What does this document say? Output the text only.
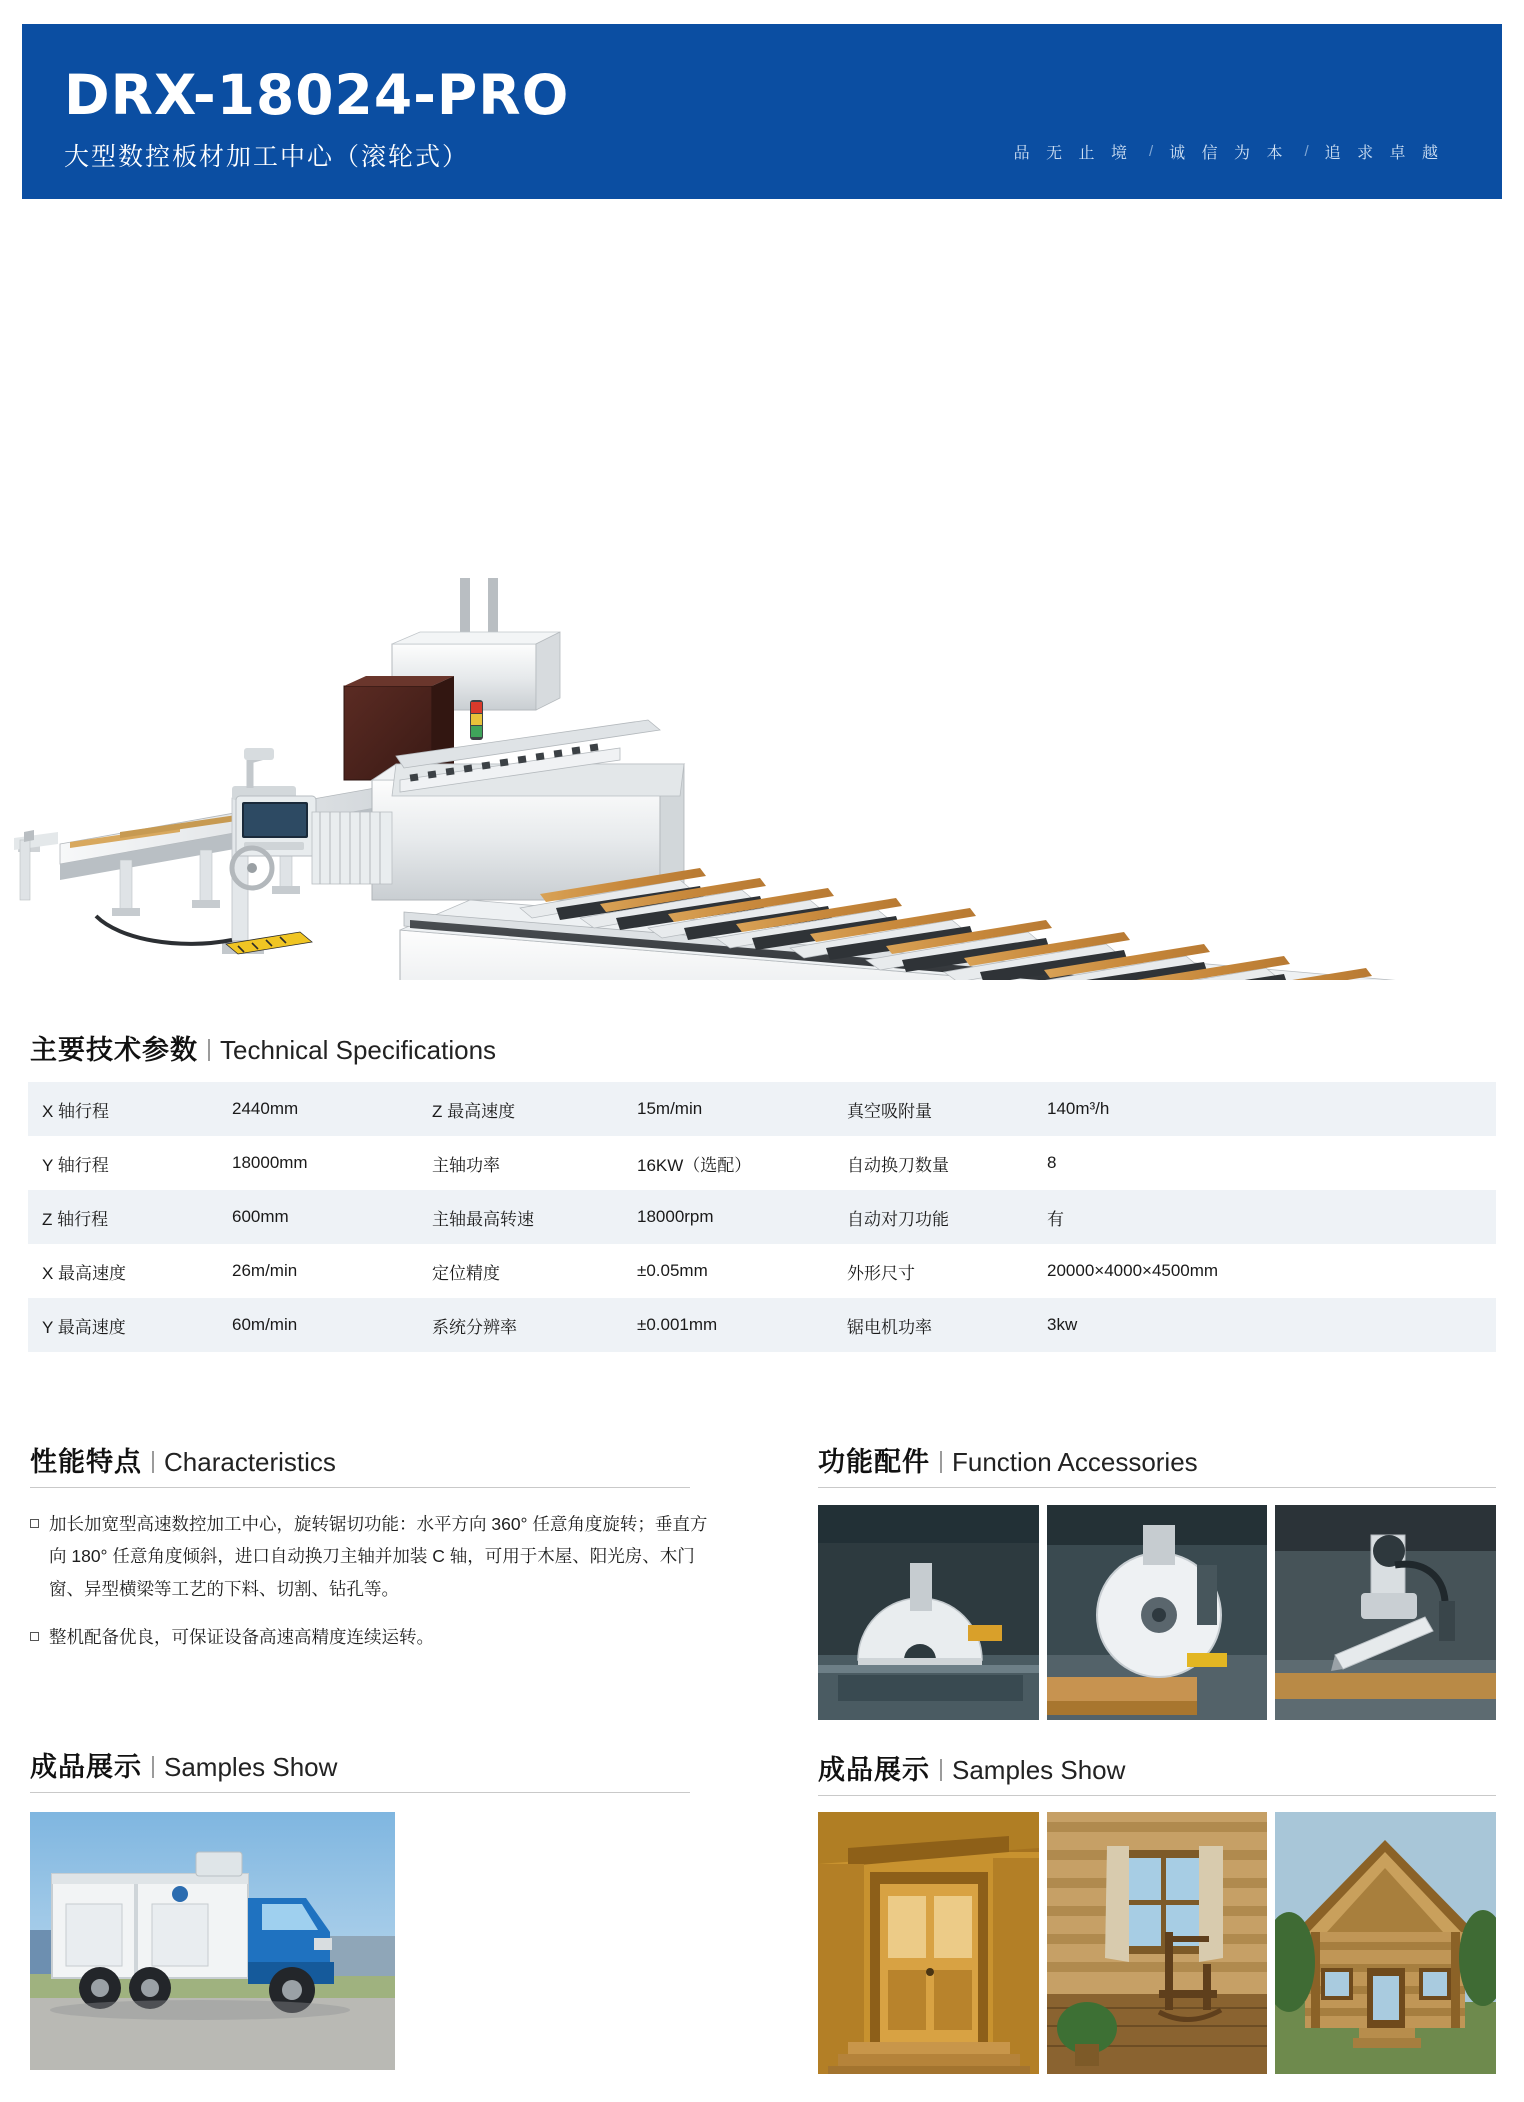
DRX-18024-PRO
大型数控板材加工中心（滚轮式）	品 无 止 境 / 诚 信 为 本 / 追 求 卓 越
主要技术参数 Technical Specifications
X 轴行程	2440mm	Z 最高速度	15m/min	真空吸附量	140m³/h
Y 轴行程	18000mm	主轴功率	16KW（选配）	自动换刀数量	8
Z 轴行程	600mm	主轴最高转速	18000rpm	自动对刀功能	有
X 最高速度	26m/min	定位精度	±0.05mm	外形尺寸	20000×4000×4500mm
Y 最高速度	60m/min	系统分辨率	±0.001mm	锯电机功率	3kw
性能特点 Characteristics
加长加宽型高速数控加工中心，旋转锯切功能：水平方向 360° 任意角度旋转；垂直方向 180° 任意角度倾斜，进口自动换刀主轴并加装 C 轴，可用于木屋、阳光房、木门窗、异型横梁等工艺的下料、切割、钻孔等。
整机配备优良，可保证设备高速高精度连续运转。
功能配件 Function Accessories
成品展示 Samples Show	成品展示 Samples Show
